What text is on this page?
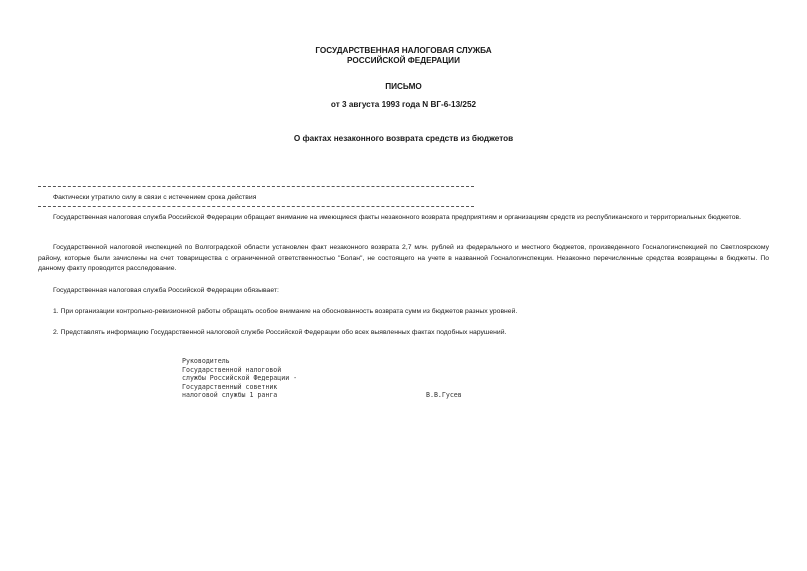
ГОСУДАРСТВЕННАЯ НАЛОГОВАЯ СЛУЖБА
РОССИЙСКОЙ ФЕДЕРАЦИИ
ПИСЬМО
от 3 августа 1993 года N ВГ-6-13/252
О фактах незаконного возврата средств из бюджетов
Фактически утратило силу в связи с истечением срока действия

Государственная налоговая служба Российской Федерации обращает внимание на имеющиеся факты незаконного возврата предприятиям и организациям средств из республиканского и территориальных бюджетов.

Государственной налоговой инспекцией по Волгоградской области установлен факт незаконного возврата 2,7 млн. рублей из федерального и местного бюджетов, произведенного Госналогинспекцией по Светлоярскому району, которые были зачислены на счет товарищества с ограниченной ответственностью "Болан", не состоящего на учете в названной Госналогинспекции. Незаконно перечисленные средства возвращены в бюджеты. По данному факту проводится расследование.

Государственная налоговая служба Российской Федерации обязывает:

1. При организации контрольно-ревизионной работы обращать особое внимание на обоснованность возврата сумм из бюджетов разных уровней.

2. Представлять информацию Государственной налоговой службе Российской Федерации обо всех выявленных фактах подобных нарушений.

Руководитель
Государственной налоговой
службы Российской Федерации -
Государственный советник
налоговой службы 1 ранга	В.В.Гусев
